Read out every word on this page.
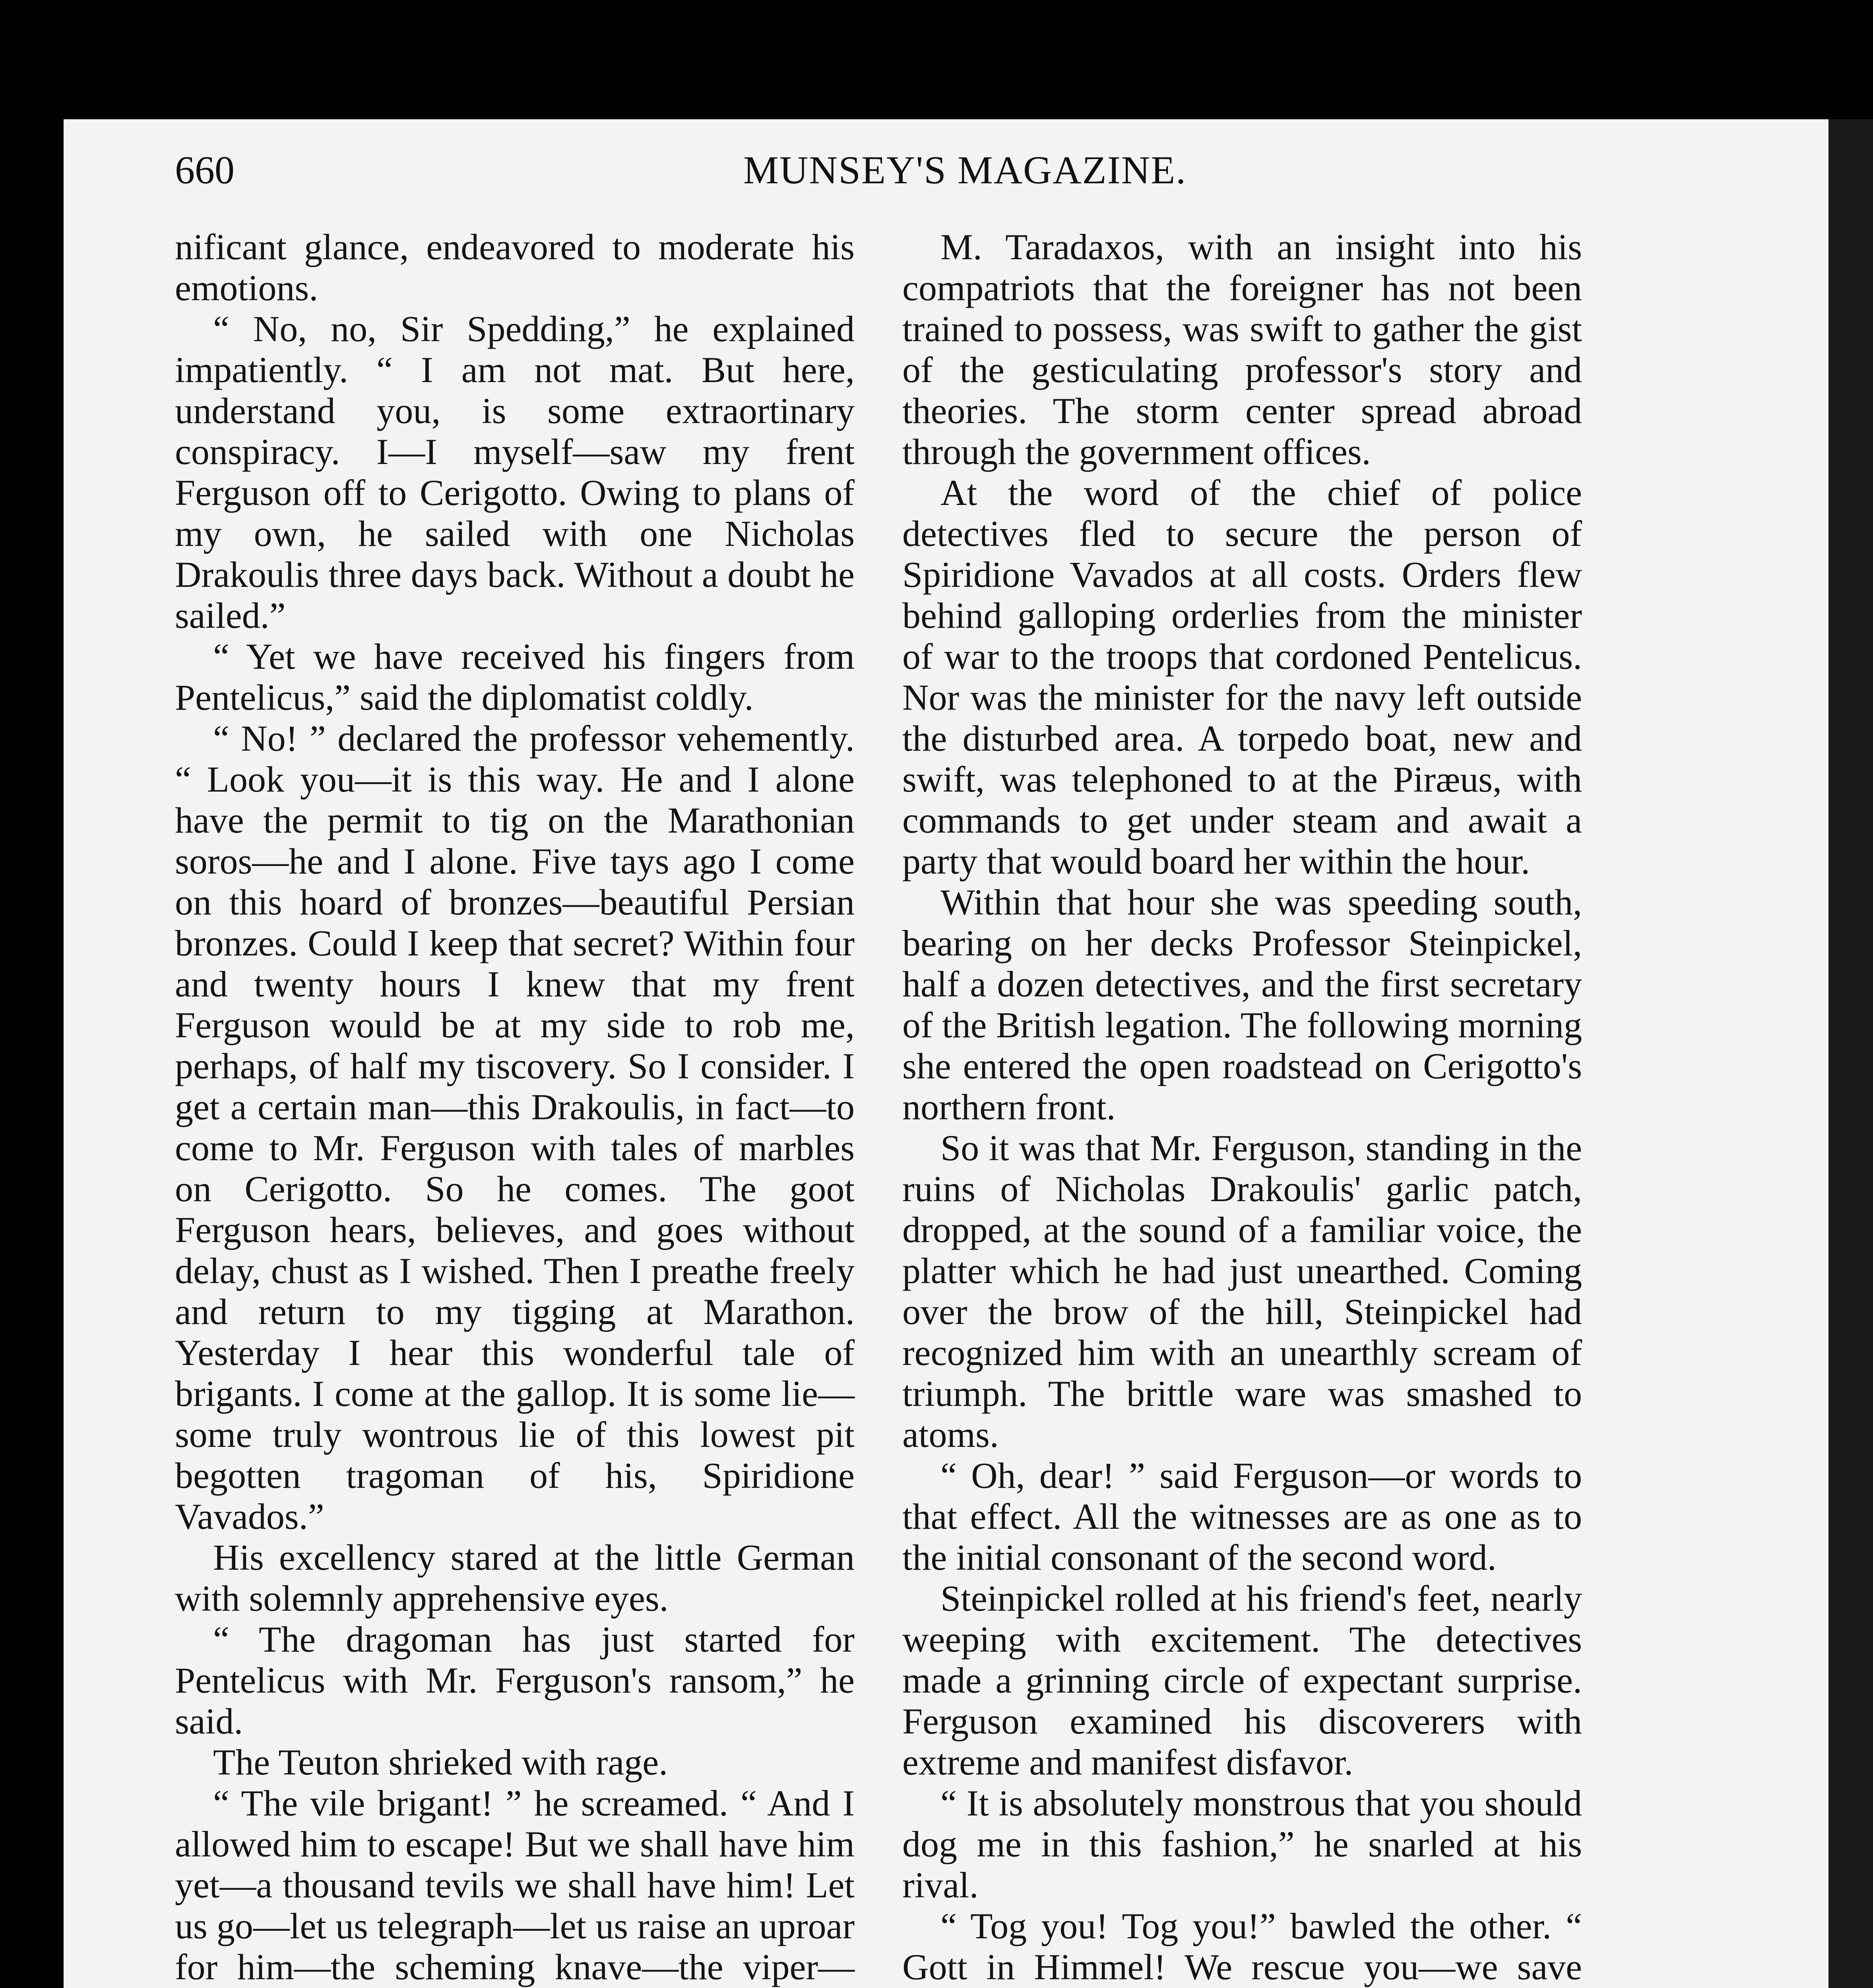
660	MUNSEY'S MAGAZINE.

nificant glance, endeavored to moderate his emotions.

“ No, no, Sir Spedding,” he explained impatiently. “ I am not mat. But here, understand you, is some extraortinary conspiracy. I—I myself—saw my frent Ferguson off to Cerigotto. Owing to plans of my own, he sailed with one Nicholas Drakoulis three days back. Without a doubt he sailed.”

“ Yet we have received his fingers from Pentelicus,” said the diplomatist coldly.

“ No! ” declared the professor vehemently. “ Look you—it is this way. He and I alone have the permit to tig on the Marathonian soros—he and I alone. Five tays ago I come on this hoard of bronzes—beautiful Persian bronzes. Could I keep that secret? Within four and twenty hours I knew that my frent Ferguson would be at my side to rob me, perhaps, of half my tiscovery. So I consider. I get a certain man—this Drakoulis, in fact—to come to Mr. Ferguson with tales of marbles on Cerigotto. So he comes. The goot Ferguson hears, believes, and goes without delay, chust as I wished. Then I preathe freely and return to my tigging at Marathon. Yesterday I hear this wonderful tale of brigants. I come at the gallop. It is some lie—some truly wontrous lie of this lowest pit begotten tragoman of his, Spiridione Vavados.”

His excellency stared at the little German with solemnly apprehensive eyes.

“ The dragoman has just started for Pentelicus with Mr. Ferguson's ransom,” he said.

The Teuton shrieked with rage.

“ The vile brigant! ” he screamed. “ And I allowed him to escape! But we shall have him yet—a thousand tevils we shall have him! Let us go—let us telegraph—let us raise an uproar for him—the scheming knave—the viper—

M. Taradaxos, with an insight into his compatriots that the foreigner has not been trained to possess, was swift to gather the gist of the gesticulating professor's story and theories. The storm center spread abroad through the government offices.

At the word of the chief of police detectives fled to secure the person of Spiridione Vavados at all costs. Orders flew behind galloping orderlies from the minister of war to the troops that cordoned Pentelicus. Nor was the minister for the navy left outside the disturbed area. A torpedo boat, new and swift, was telephoned to at the Piræus, with commands to get under steam and await a party that would board her within the hour.

Within that hour she was speeding south, bearing on her decks Professor Steinpickel, half a dozen detectives, and the first secretary of the British legation. The following morning she entered the open roadstead on Cerigotto's northern front.

So it was that Mr. Ferguson, standing in the ruins of Nicholas Drakoulis' garlic patch, dropped, at the sound of a familiar voice, the platter which he had just unearthed. Coming over the brow of the hill, Steinpickel had recognized him with an unearthly scream of triumph. The brittle ware was smashed to atoms.

“ Oh, dear! ” said Ferguson—or words to that effect. All the witnesses are as one as to the initial consonant of the second word.

Steinpickel rolled at his friend's feet, nearly weeping with excitement. The detectives made a grinning circle of expectant surprise. Ferguson examined his discoverers with extreme and manifest disfavor.

“ It is absolutely monstrous that you should dog me in this fashion,” he snarled at his rival.

“ Tog you! Tog you!” bawled the other. “ Gott in Himmel! We rescue you—we save
